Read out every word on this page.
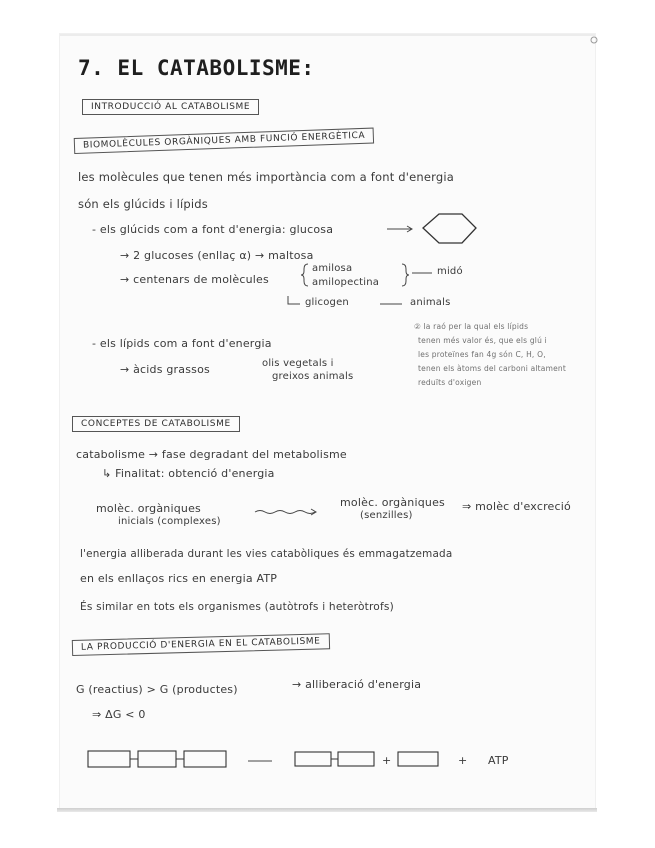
7. EL CATABOLISME:
INTRODUCCIÓ AL CATABOLISME
BIOMOLÈCULES ORGÀNIQUES AMB FUNCIÓ ENERGÈTICA
CONCEPTES DE CATABOLISME
LA PRODUCCIÓ D'ENERGIA EN EL CATABOLISME
les molècules que tenen més importància com a font d'energia
són els glúcids i lípids
- els glúcids com a font d'energia: glucosa
→ 2 glucoses (enllaç α) → maltosa
→ centenars de molècules
amilosa
amilopectina
midó
glicogen	animals
- els lípids com a font d'energia
→ àcids grassos	olis vegetals i
greixos animals
② la raó per la qual els lípids
tenen més valor és, que els glú i
les proteïnes fan 4g són C, H, O,
tenen els àtoms del carboni altament
reduïts d'oxigen
catabolisme → fase degradant del metabolisme
↳ Finalitat: obtenció d'energia
molèc. orgàniques
inicials (complexes)
molèc. orgàniques
(senzilles)
⇒ molèc d'excreció
l'energia alliberada durant les vies catabòliques és emmagatzemada
en els enllaços rics en energia ATP
És similar en tots els organismes (autòtrofs i heteròtrofs)
G (reactius) > G (productes)	→ alliberació d'energia
⇒ ΔG < 0
+	+ ATP
